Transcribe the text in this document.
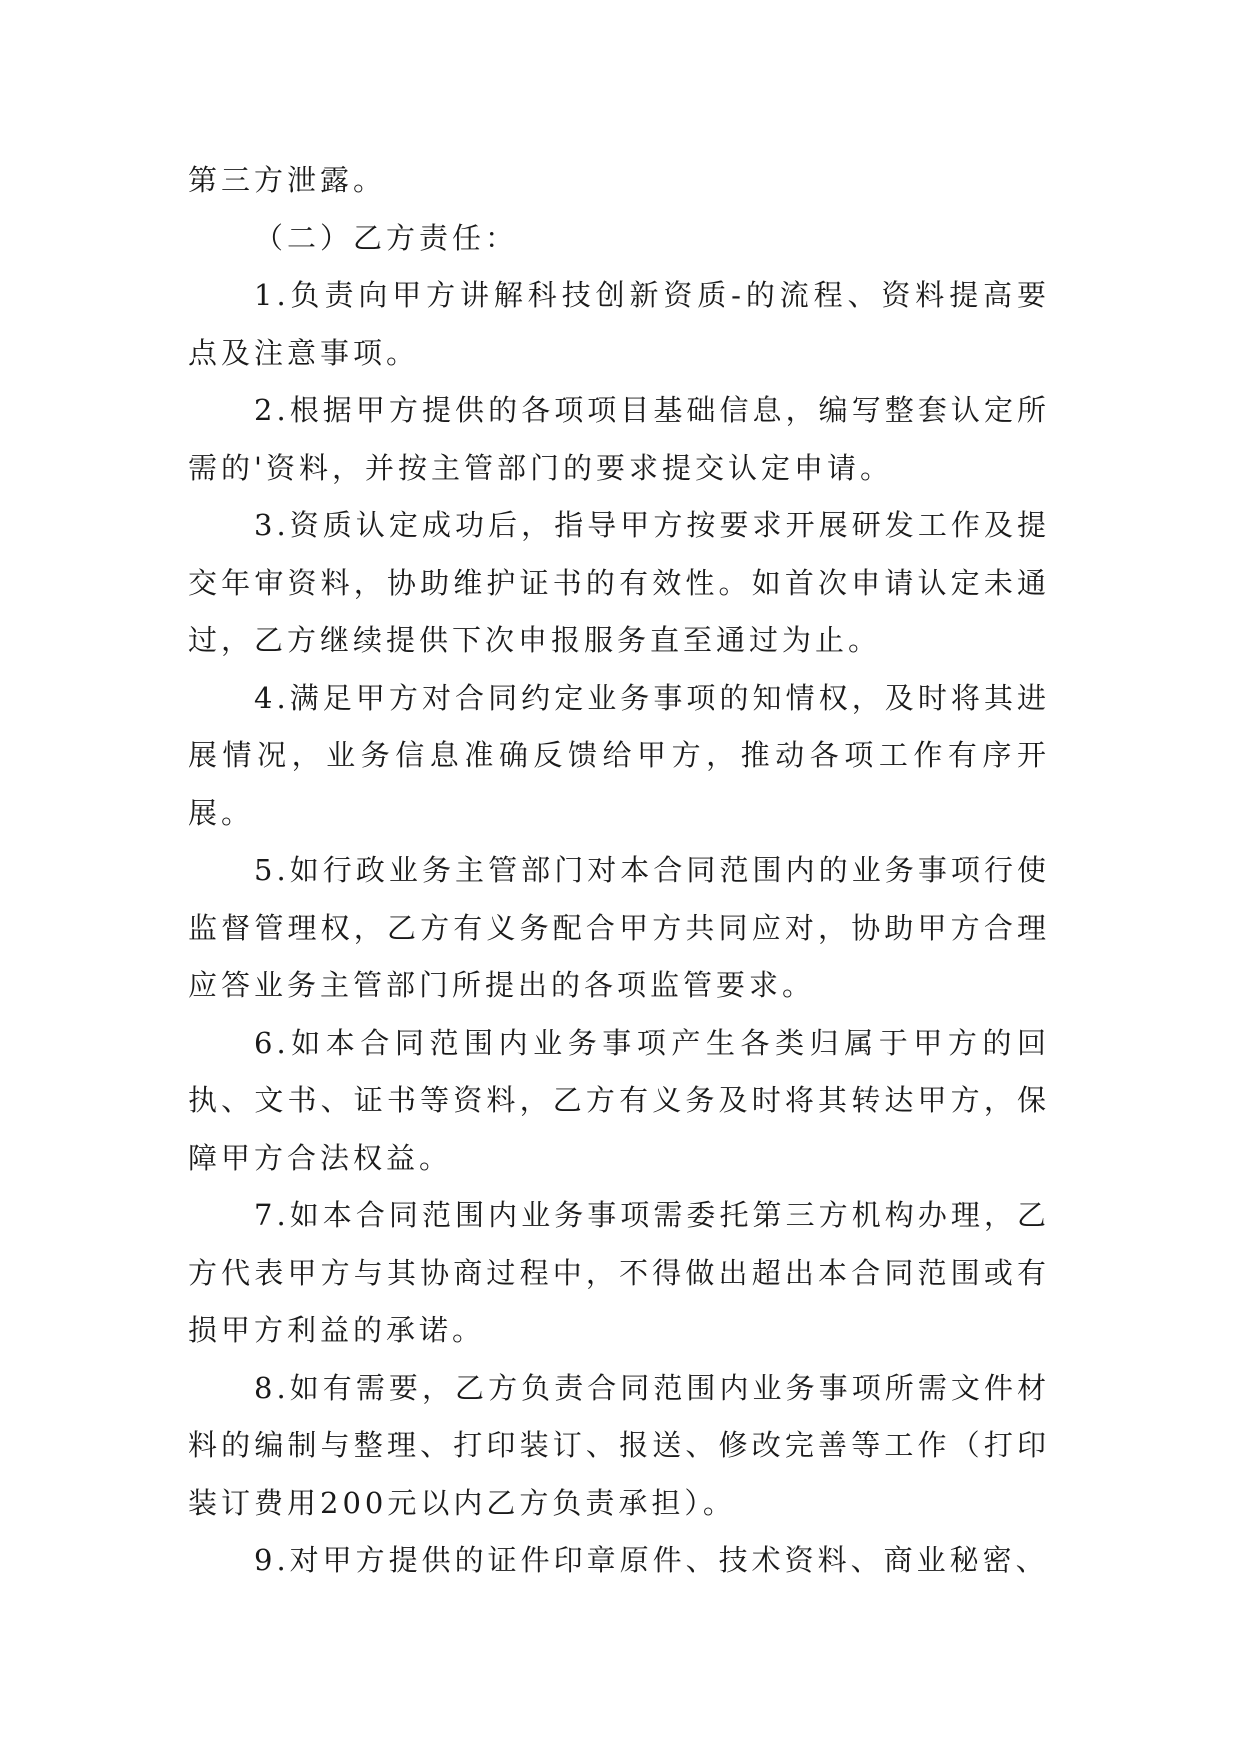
第三方泄露。

（二）乙方责任：

1.负责向甲方讲解科技创新资质-的流程、资料提高要点及注意事项。

2.根据甲方提供的各项项目基础信息，编写整套认定所需的'资料，并按主管部门的要求提交认定申请。

3.资质认定成功后，指导甲方按要求开展研发工作及提交年审资料，协助维护证书的有效性。如首次申请认定未通过，乙方继续提供下次申报服务直至通过为止。

4.满足甲方对合同约定业务事项的知情权，及时将其进展情况，业务信息准确反馈给甲方，推动各项工作有序开展。

5.如行政业务主管部门对本合同范围内的业务事项行使监督管理权，乙方有义务配合甲方共同应对，协助甲方合理应答业务主管部门所提出的各项监管要求。

6.如本合同范围内业务事项产生各类归属于甲方的回执、文书、证书等资料，乙方有义务及时将其转达甲方，保障甲方合法权益。

7.如本合同范围内业务事项需委托第三方机构办理，乙方代表甲方与其协商过程中，不得做出超出本合同范围或有损甲方利益的承诺。

8.如有需要，乙方负责合同范围内业务事项所需文件材料的编制与整理、打印装订、报送、修改完善等工作（打印装订费用200元以内乙方负责承担）。

9.对甲方提供的证件印章原件、技术资料、商业秘密、
